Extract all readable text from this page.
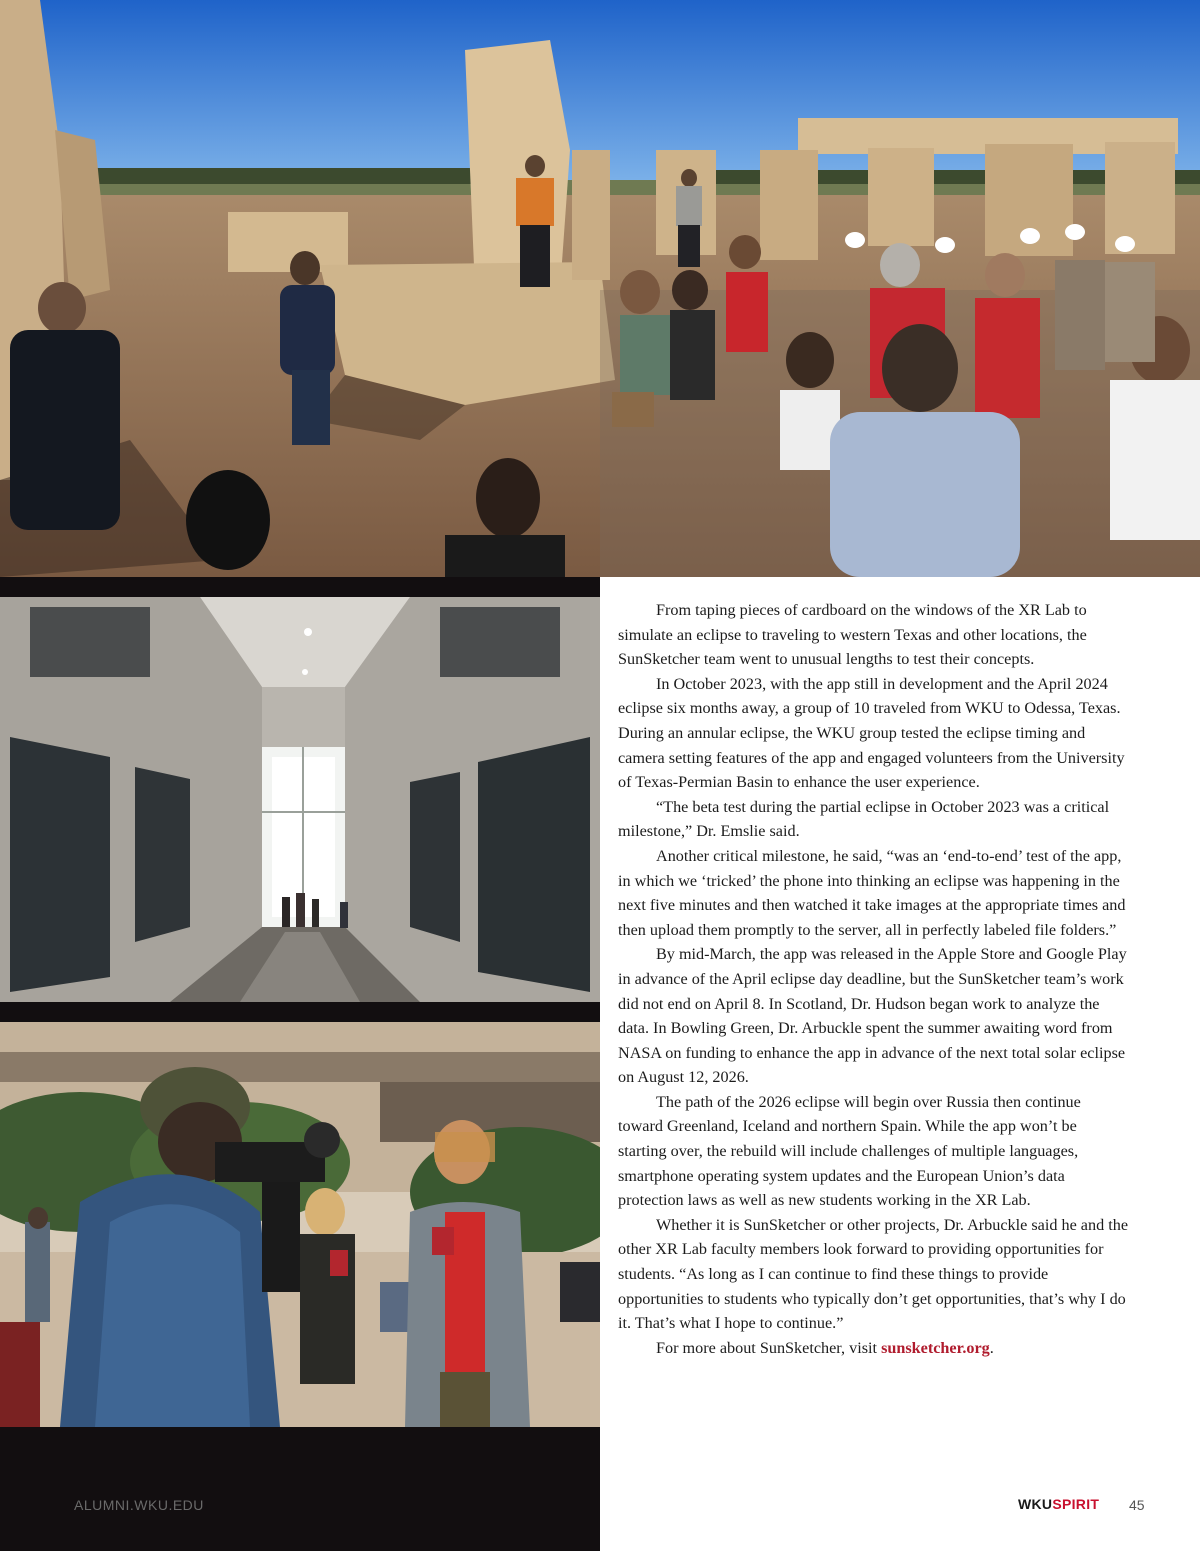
From taping pieces of cardboard on the windows of the XR Lab to simulate an eclipse to traveling to western Texas and other locations, the SunSketcher team went to unusual lengths to test their concepts.

In October 2023, with the app still in development and the April 2024 eclipse six months away, a group of 10 traveled from WKU to Odessa, Texas. During an annular eclipse, the WKU group tested the eclipse timing and camera setting features of the app and engaged volunteers from the University of Texas-Permian Basin to enhance the user experience.

“The beta test during the partial eclipse in October 2023 was a critical milestone,” Dr. Emslie said.

Another critical milestone, he said, “was an ‘end-to-end’ test of the app, in which we ‘tricked’ the phone into thinking an eclipse was happening in the next five minutes and then watched it take images at the appropriate times and then upload them promptly to the server, all in perfectly labeled file folders.”

By mid-March, the app was released in the Apple Store and Google Play in advance of the April eclipse day deadline, but the SunSketcher team’s work did not end on April 8. In Scotland, Dr. Hudson began work to analyze the data. In Bowling Green, Dr. Arbuckle spent the summer awaiting word from NASA on funding to enhance the app in advance of the next total solar eclipse on August 12, 2026.

The path of the 2026 eclipse will begin over Russia then continue toward Greenland, Iceland and northern Spain. While the app won’t be starting over, the rebuild will include challenges of multiple languages, smartphone operating system updates and the European Union’s data protection laws as well as new students working in the XR Lab.

Whether it is SunSketcher or other projects, Dr. Arbuckle said he and the other XR Lab faculty members look forward to providing opportunities for students. “As long as I can continue to find these things to provide opportunities to students who typically don’t get opportunities, that’s why I do it. That’s what I hope to continue.”

For more about SunSketcher, visit sunsketcher.org.

ALUMNI.WKU.EDU	WKUSPIRIT 45
